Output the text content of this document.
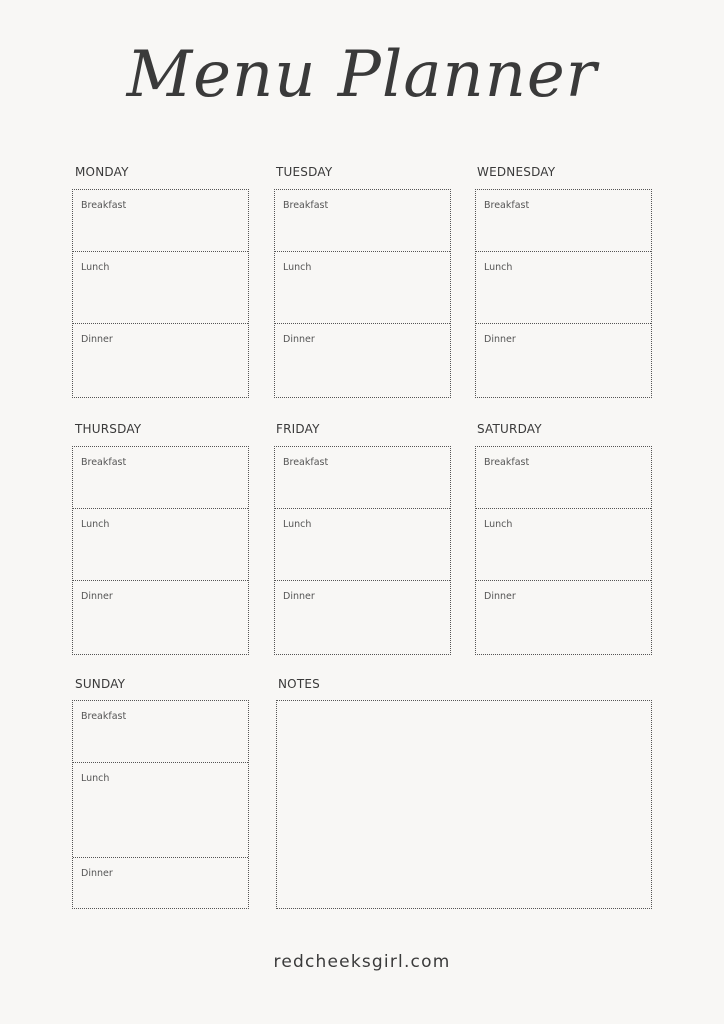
Menu Planner
MONDAY
Breakfast
Lunch
Dinner
TUESDAY
Breakfast
Lunch
Dinner
WEDNESDAY
Breakfast
Lunch
Dinner
THURSDAY
Breakfast
Lunch
Dinner
FRIDAY
Breakfast
Lunch
Dinner
SATURDAY
Breakfast
Lunch
Dinner
SUNDAY
Breakfast
Lunch
Dinner
NOTES
redcheeksgirl.com
